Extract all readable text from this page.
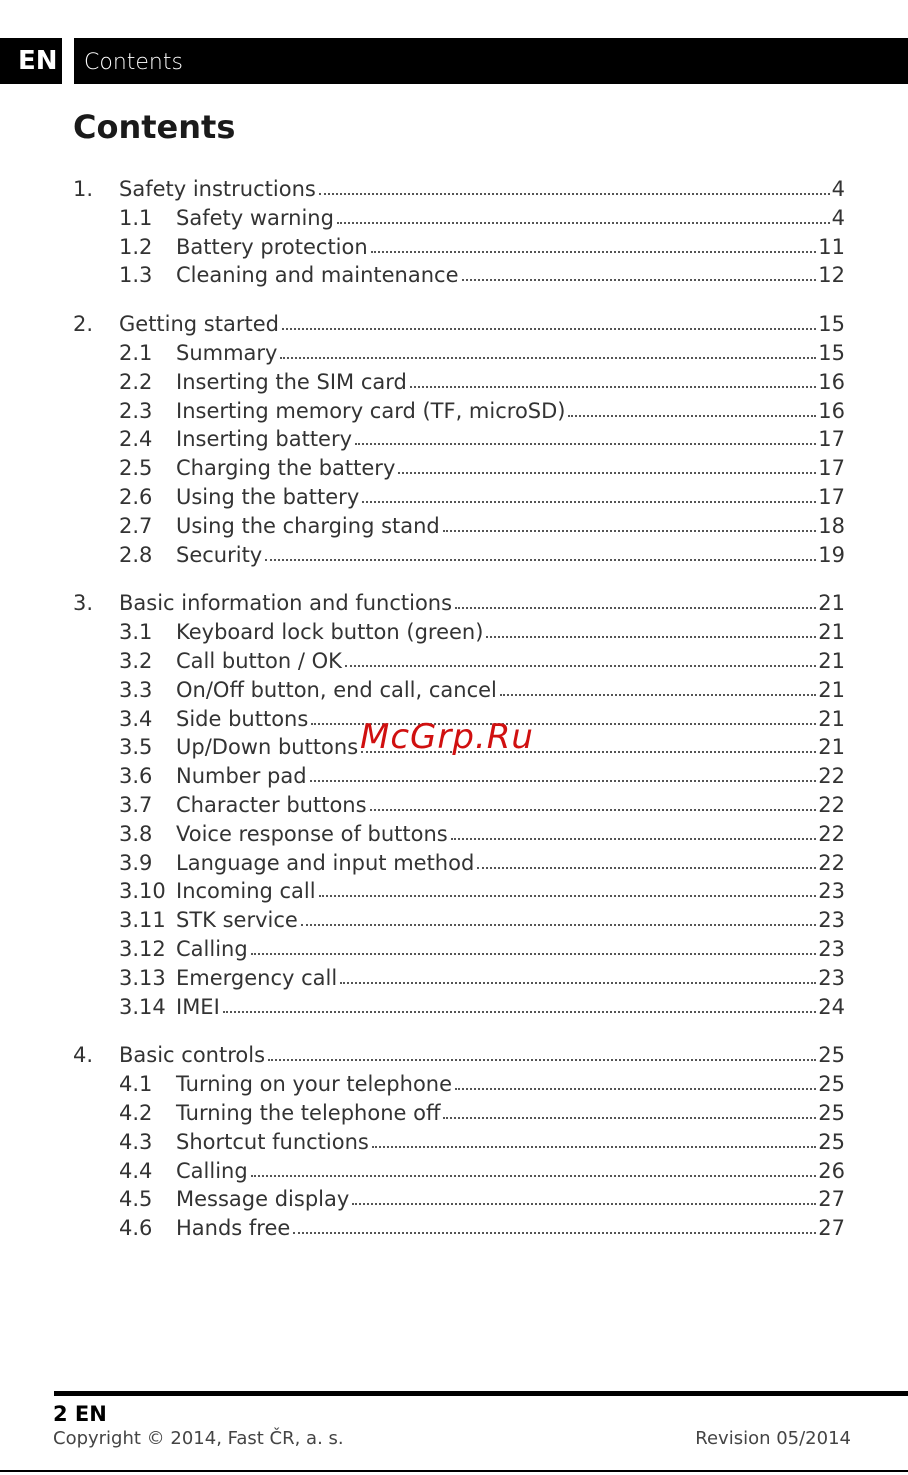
EN Contents
Contents
1.	Safety instructions	4
1.1	Safety warning	4
1.2	Battery protection	11
1.3	Cleaning and maintenance	12
2.	Getting started	15
2.1	Summary	15
2.2	Inserting the SIM card	16
2.3	Inserting memory card (TF, microSD)	16
2.4	Inserting battery	17
2.5	Charging the battery	17
2.6	Using the battery	17
2.7	Using the charging stand	18
2.8	Security	19
3.	Basic information and functions	21
3.1	Keyboard lock button (green)	21
3.2	Call button / OK	21
3.3	On/Off button, end call, cancel	21
3.4	Side buttons	21
3.5	Up/Down buttons	21
3.6	Number pad	22
3.7	Character buttons	22
3.8	Voice response of buttons	22
3.9	Language and input method	22
3.10 Incoming call	23
3.11 STK service	23
3.12 Calling	23
3.13 Emergency call	23
3.14 IMEI	24
4.	Basic controls	25
4.1	Turning on your telephone	25
4.2	Turning the telephone off	25
4.3	Shortcut functions	25
4.4	Calling	26
4.5	Message display	27
4.6	Hands free	27
McGrp.Ru
2 EN
Copyright © 2014, Fast ČR, a. s.	Revision 05/2014
